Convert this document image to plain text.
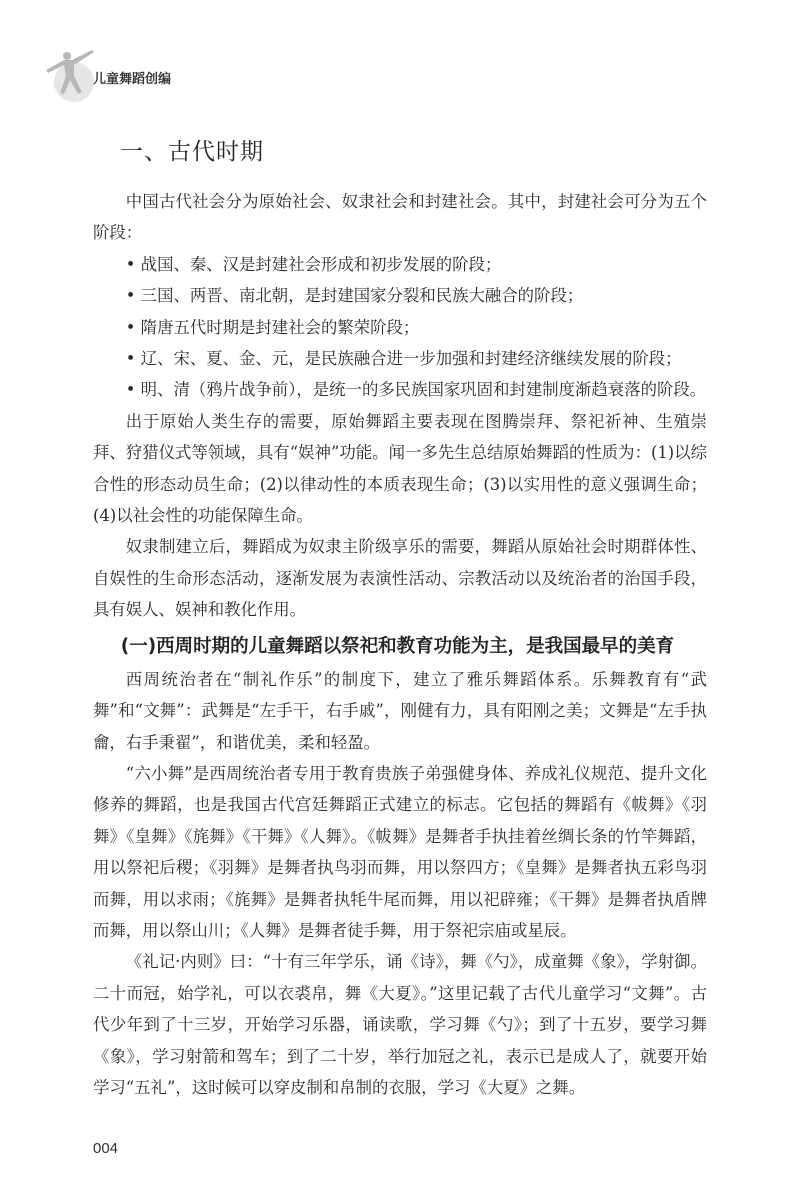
儿童舞蹈创编
一、古代时期

中国古代社会分为原始社会、奴隶社会和封建社会。其中，封建社会可分为五个阶段：

• 战国、秦、汉是封建社会形成和初步发展的阶段；

• 三国、两晋、南北朝，是封建国家分裂和民族大融合的阶段；

• 隋唐五代时期是封建社会的繁荣阶段；

• 辽、宋、夏、金、元，是民族融合进一步加强和封建经济继续发展的阶段；

• 明、清（鸦片战争前），是统一的多民族国家巩固和封建制度渐趋衰落的阶段。

出于原始人类生存的需要，原始舞蹈主要表现在图腾崇拜、祭祀祈神、生殖崇拜、狩猎仪式等领域，具有“娱神”功能。闻一多先生总结原始舞蹈的性质为：(1)以综合性的形态动员生命；(2)以律动性的本质表现生命；(3)以实用性的意义强调生命；(4)以社会性的功能保障生命。

奴隶制建立后，舞蹈成为奴隶主阶级享乐的需要，舞蹈从原始社会时期群体性、自娱性的生命形态活动，逐渐发展为表演性活动、宗教活动以及统治者的治国手段，具有娱人、娱神和教化作用。

(一)西周时期的儿童舞蹈以祭祀和教育功能为主，是我国最早的美育

西周统治者在“制礼作乐”的制度下，建立了雅乐舞蹈体系。乐舞教育有“武舞”和“文舞”：武舞是“左手干，右手戚”，刚健有力，具有阳刚之美；文舞是“左手执龠，右手秉翟”，和谐优美，柔和轻盈。

“六小舞”是西周统治者专用于教育贵族子弟强健身体、养成礼仪规范、提升文化修养的舞蹈，也是我国古代宫廷舞蹈正式建立的标志。它包括的舞蹈有《帗舞》《羽舞》《皇舞》《旄舞》《干舞》《人舞》。《帗舞》是舞者手执挂着丝绸长条的竹竿舞蹈，用以祭祀后稷；《羽舞》是舞者执鸟羽而舞，用以祭四方；《皇舞》是舞者执五彩鸟羽而舞，用以求雨；《旄舞》是舞者执牦牛尾而舞，用以祀辟雍；《干舞》是舞者执盾牌而舞，用以祭山川；《人舞》是舞者徒手舞，用于祭祀宗庙或星辰。

《礼记·内则》曰：“十有三年学乐，诵《诗》，舞《勺》，成童舞《象》，学射御。二十而冠，始学礼，可以衣裘帛，舞《大夏》。”这里记载了古代儿童学习“文舞”。古代少年到了十三岁，开始学习乐器，诵读歌，学习舞《勺》；到了十五岁，要学习舞《象》，学习射箭和驾车；到了二十岁，举行加冠之礼，表示已是成人了，就要开始学习“五礼”，这时候可以穿皮制和帛制的衣服，学习《大夏》之舞。

004
